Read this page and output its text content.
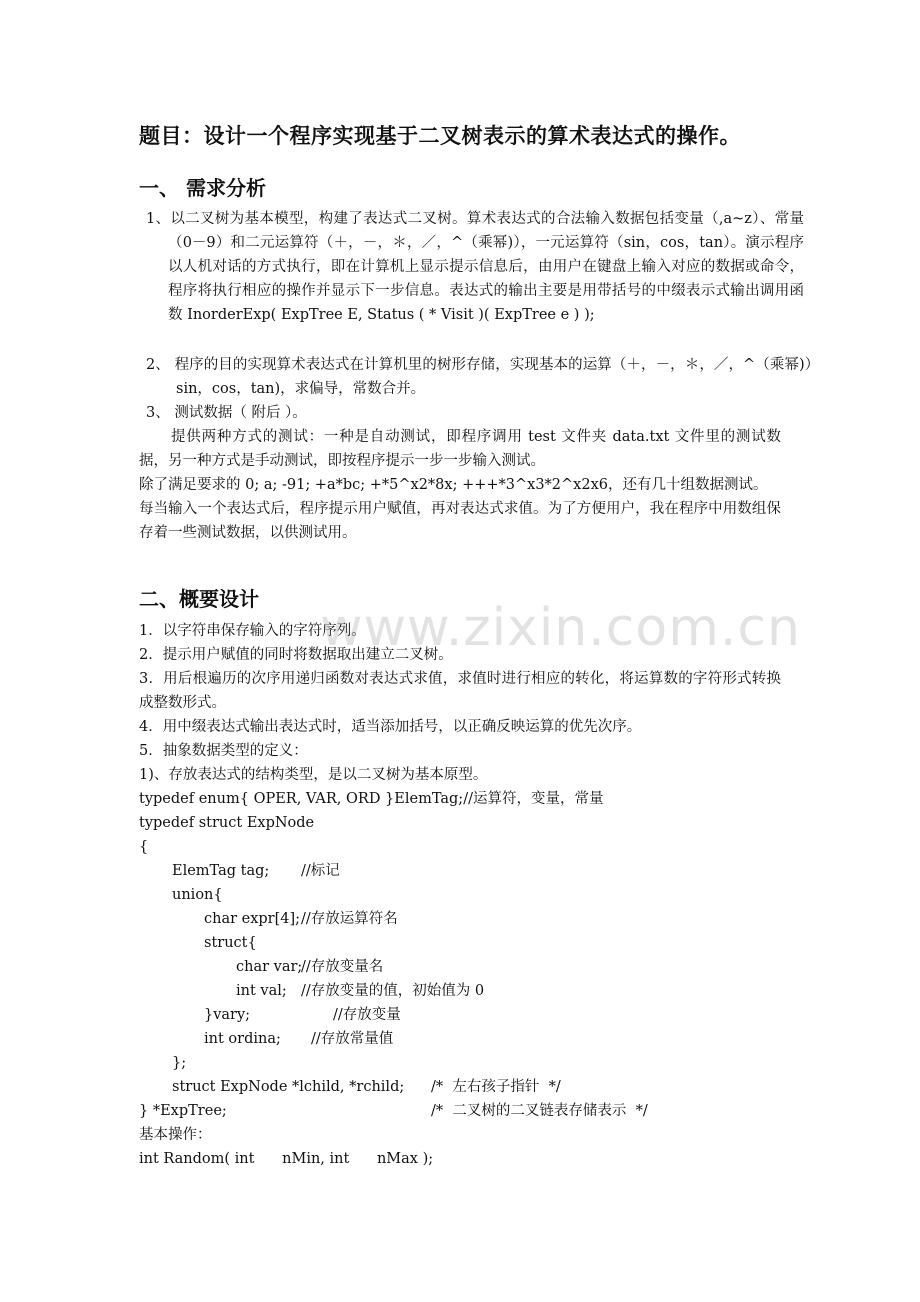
题目：设计一个程序实现基于二叉树表示的算术表达式的操作。
一、 需求分析
1、以二叉树为基本模型，构建了表达式二叉树。算术表达式的合法输入数据包括变量（,a~z）、常量（0－9）和二元运算符（＋，－，＊，／，^（乘幂)），一元运算符（sin，cos，tan）。演示程序以人机对话的方式执行，即在计算机上显示提示信息后，由用户在键盘上输入对应的数据或命令，程序将执行相应的操作并显示下一步信息。表达式的输出主要是用带括号的中缀表示式输出调用函数 InorderExp( ExpTree E, Status ( * Visit )( ExpTree e ) );
2、 程序的目的实现算术表达式在计算机里的树形存储，实现基本的运算（＋，－，＊，／，^（乘幂)）sin，cos，tan)，求偏导，常数合并。
3、 测试数据（ 附后 ）。
提供两种方式的测试：一种是自动测试，即程序调用 test 文件夹 data.txt 文件里的测试数据，另一种方式是手动测试，即按程序提示一步一步输入测试。
除了满足要求的 0; a; -91; +a*bc; +*5^x2*8x; +++*3^x3*2^x2x6，还有几十组数据测试。
每当输入一个表达式后，程序提示用户赋值，再对表达式求值。为了方便用户，我在程序中用数组保存着一些测试数据，以供测试用。
二、概要设计
1．以字符串保存输入的字符序列。
2．提示用户赋值的同时将数据取出建立二叉树。
3．用后根遍历的次序用递归函数对表达式求值，求值时进行相应的转化，将运算数的字符形式转换成整数形式。
4．用中缀表达式输出表达式时，适当添加括号，以正确反映运算的优先次序。
5．抽象数据类型的定义：
1)、存放表达式的结构类型，是以二叉树为基本原型。
typedef enum{ OPER, VAR, ORD }ElemTag;//运算符，变量，常量
typedef struct ExpNode
{
ElemTag tag; //标记
union{
char expr[4]; //存放运算符名
struct{
char var;
//存放变量名
int val; //存放变量的值，初始值为 0
}vary;	//存放变量
int ordina; //存放常量值
};
struct ExpNode *lchild, *rchild; /*  左右孩子指针  */
} *ExpTree;	/*  二叉树的二叉链表存储表示  */
基本操作：
int Random( int      nMin, int      nMax );
www.zixin.com.cn
